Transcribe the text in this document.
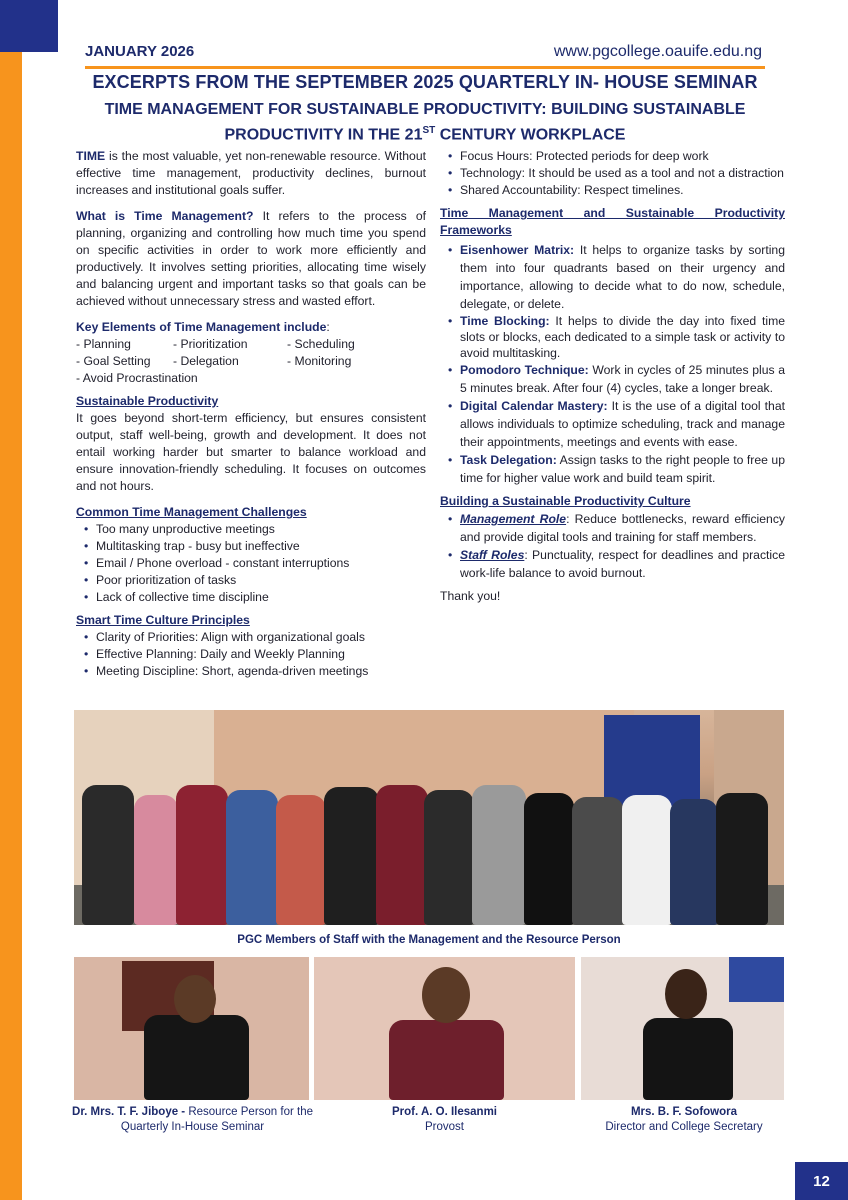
JANUARY 2026	www.pgcollege.oauife.edu.ng
EXCERPTS FROM THE SEPTEMBER 2025 QUARTERLY IN- HOUSE SEMINAR
TIME MANAGEMENT FOR SUSTAINABLE PRODUCTIVITY: BUILDING SUSTAINABLE
PRODUCTIVITY IN THE 21ST CENTURY WORKPLACE

TIME is the most valuable, yet non-renewable resource. Without effective time management, productivity declines, burnout increases and institutional goals suffer.

What is Time Management? It refers to the process of planning, organizing and controlling how much time you spend on specific activities in order to work more efficiently and productively. It involves setting priorities, allocating time wisely and balancing urgent and important tasks so that goals can be achieved without unnecessary stress and wasted effort.

Key Elements of Time Management include:
- Planning	- Prioritization	- Scheduling
- Goal Setting	- Delegation	- Monitoring
- Avoid Procrastination
Sustainable Productivity

It goes beyond short-term efficiency, but ensures consistent output, staff well-being, growth and development. It does not entail working harder but smarter to balance workload and ensure innovation-friendly scheduling. It focuses on outcomes and not hours.

Common Time Management Challenges
• Too many unproductive meetings
• Multitasking trap - busy but ineffective
• Email / Phone overload - constant interruptions
• Poor prioritization of tasks
• Lack of collective time discipline
Smart Time Culture Principles
• Clarity of Priorities: Align with organizational goals
• Effective Planning: Daily and Weekly Planning
• Meeting Discipline: Short, agenda-driven meetings
• Focus Hours: Protected periods for deep work
• Technology: It should be used as a tool and not a distraction
• Shared Accountability: Respect timelines.
Time Management and Sustainable Productivity Frameworks
• Eisenhower Matrix: It helps to organize tasks by sorting them into four quadrants based on their urgency and importance, allowing to decide what to do now, schedule, delegate, or delete.
• Time Blocking: It helps to divide the day into fixed time slots or blocks, each dedicated to a simple task or activity to avoid multitasking.
• Pomodoro Technique: Work in cycles of 25 minutes plus a 5 minutes break. After four (4) cycles, take a longer break.
• Digital Calendar Mastery: It is the use of a digital tool that allows individuals to optimize scheduling, track and manage their appointments, meetings and events with ease.
• Task Delegation: Assign tasks to the right people to free up time for higher value work and build team spirit.
Building a Sustainable Productivity Culture
• Management Role: Reduce bottlenecks, reward efficiency and provide digital tools and training for staff members.
• Staff Roles: Punctuality, respect for deadlines and practice work-life balance to avoid burnout.
Thank you!
PGC Members of Staff with the Management and the Resource Person
Dr. Mrs. T. F. Jiboye - Resource Person for the Quarterly In-House Seminar
Prof. A. O. Ilesanmi
Provost
Mrs. B. F. Sofowora
Director and College Secretary
12
